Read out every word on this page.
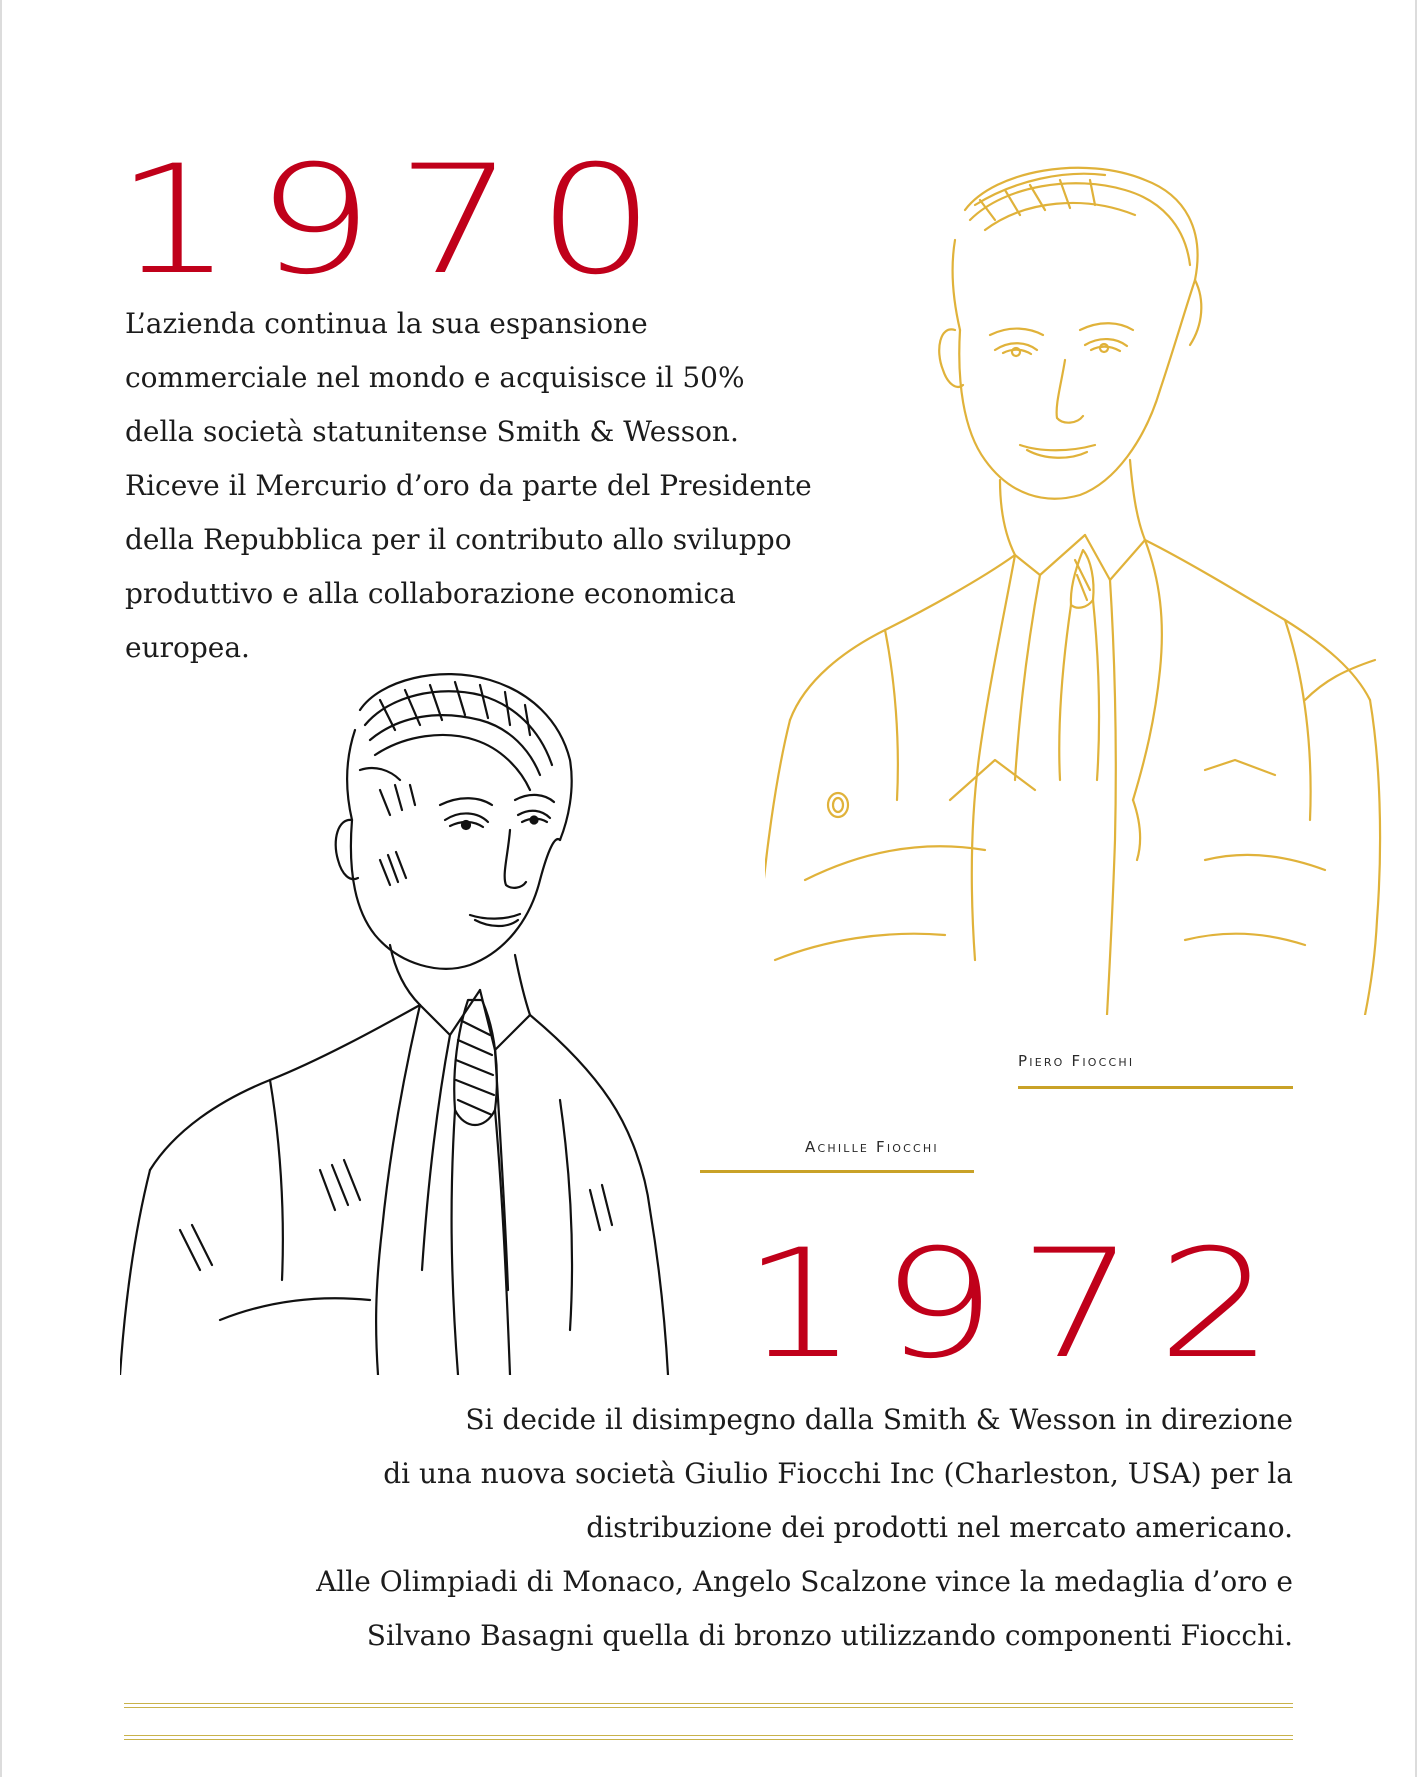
1970

L’azienda continua la sua espansione
commerciale nel mondo e acquisisce il 50%
della società statunitense Smith & Wesson.
Riceve il Mercurio d’oro da parte del Presidente
della Repubblica per il contributo allo sviluppo
produttivo e alla collaborazione economica
europea.

Piero Fiocchi
Achille Fiocchi
1972

Si decide il disimpegno dalla Smith & Wesson in direzione
di una nuova società Giulio Fiocchi Inc (Charleston, USA) per la
distribuzione dei prodotti nel mercato americano.
Alle Olimpiadi di Monaco, Angelo Scalzone vince la medaglia d’oro e
Silvano Basagni quella di bronzo utilizzando componenti Fiocchi.
